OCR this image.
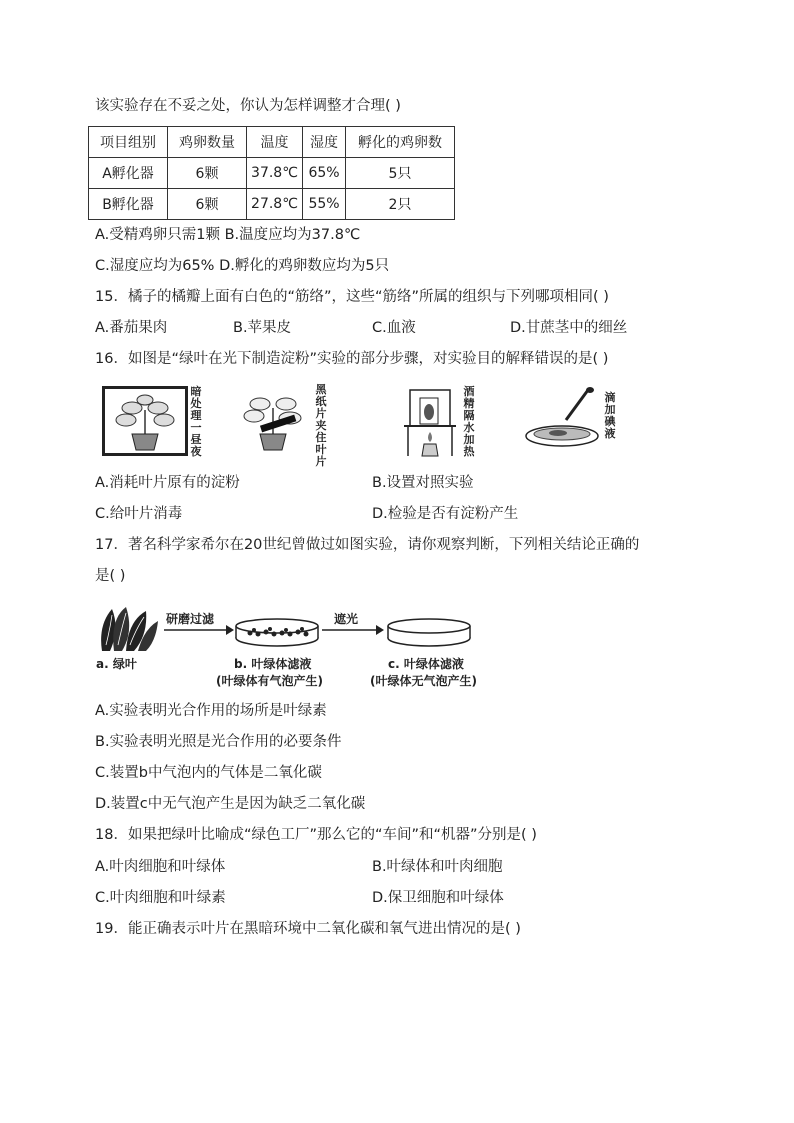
该实验存在不妥之处，你认为怎样调整才合理( )
项目组别	鸡卵数量	温度	湿度	孵化的鸡卵数
A孵化器	6颗	37.8℃	65%	5只
B孵化器	6颗	27.8℃	55%	2只
A.受精鸡卵只需1颗 B.温度应均为37.8℃
C.湿度应均为65% D.孵化的鸡卵数应均为5只
15．橘子的橘瓣上面有白色的“筋络”，这些“筋络”所属的组织与下列哪项相同( )
A.番茄果肉	B.苹果皮	C.血液	D.甘蔗茎中的细丝
16．如图是“绿叶在光下制造淀粉”实验的部分步骤，对实验目的解释错误的是( )
暗处理一昼夜
黑纸片夹住叶片
酒精隔水加热
滴加碘液
A.消耗叶片原有的淀粉	B.设置对照实验
C.给叶片消毒	D.检验是否有淀粉产生
17．著名科学家希尔在20世纪曾做过如图实验，请你观察判断，下列相关结论正确的
是( )
研磨过滤	遮光
a. 绿叶	b. 叶绿体滤液
(叶绿体有气泡产生)
c. 叶绿体滤液
(叶绿体无气泡产生)
A.实验表明光合作用的场所是叶绿素
B.实验表明光照是光合作用的必要条件
C.装置b中气泡内的气体是二氧化碳
D.装置c中无气泡产生是因为缺乏二氧化碳
18．如果把绿叶比喻成“绿色工厂”那么它的“车间”和“机器”分别是( )
A.叶肉细胞和叶绿体	B.叶绿体和叶肉细胞
C.叶肉细胞和叶绿素	D.保卫细胞和叶绿体
19．能正确表示叶片在黑暗环境中二氧化碳和氧气进出情况的是( )
